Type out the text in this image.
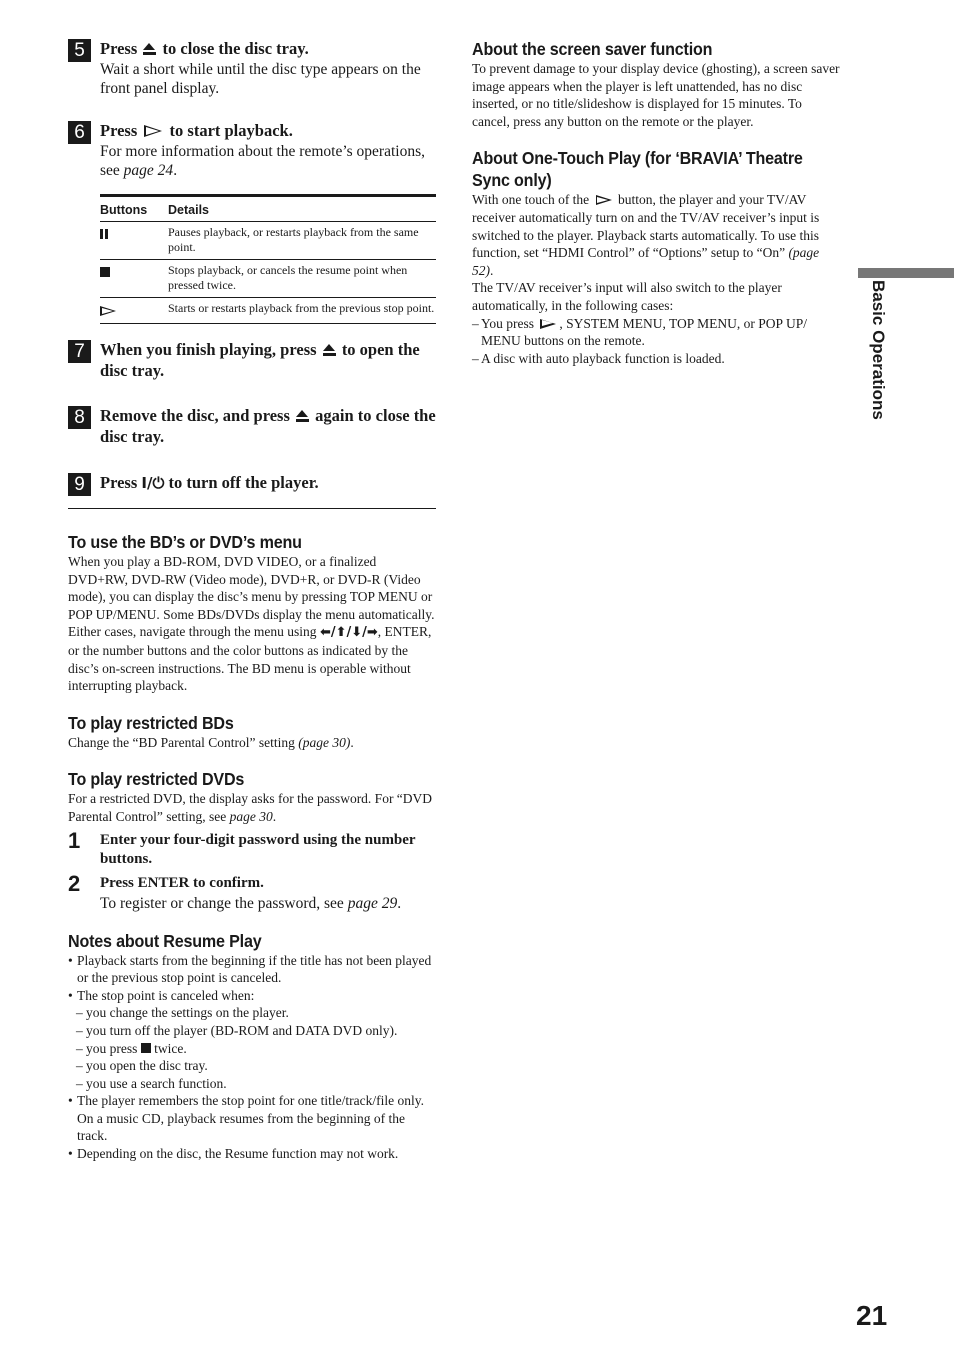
5 Press  to close the disc tray.
Wait a short while until the disc type appears on the front panel display.
6 Press  to start playback.
For more information about the remote’s operations, see page 24.
Buttons	Details
	Pauses playback, or restarts playback from the same point.
	Stops playback, or cancels the resume point when pressed twice.
	Starts or restarts playback from the previous stop point.
7 When you finish playing, press  to open the disc tray.
8 Remove the disc, and press  again to close the disc tray.
9 Press I/⏻ to turn off the player.
To use the BD’s or DVD’s menu

When you play a BD-ROM, DVD VIDEO, or a finalized DVD+RW, DVD-RW (Video mode), DVD+R, or DVD-R (Video mode), you can display the disc’s menu by pressing TOP MENU or POP UP/MENU. Some BDs/DVDs display the menu automatically. Either cases, navigate through the menu using ⬅/⬆/⬇/➡, ENTER, or the number buttons and the color buttons as indicated by the disc’s on-screen instructions. The BD menu is operable without interrupting playback.

To play restricted BDs

Change the “BD Parental Control” setting (page 30).

To play restricted DVDs

For a restricted DVD, the display asks for the password. For “DVD Parental Control” setting, see page 30.

1 Enter your four-digit password using the number buttons.
2 Press ENTER to confirm.
To register or change the password, see page 29.
Notes about Resume Play
• Playback starts from the beginning if the title has not been played or the previous stop point is canceled.
• The stop point is canceled when:
– you change the settings on the player.
– you turn off the player (BD-ROM and DATA DVD only).
– you press  twice.
– you open the disc tray.
– you use a search function.
• The player remembers the stop point for one title/track/file only. On a music CD, playback resumes from the beginning of the track.
• Depending on the disc, the Resume function may not work.
About the screen saver function

To prevent damage to your display device (ghosting), a screen saver image appears when the player is left unattended, has no disc inserted, or no title/slideshow is displayed for 15 minutes. To cancel, press any button on the remote or the player.

About One-Touch Play (for ‘BRAVIA’ Theatre Sync only)

With one touch of the  button, the player and your TV/AV receiver automatically turn on and the TV/AV receiver’s input is switched to the player. Playback starts automatically. To use this function, set “HDMI Control” of “Options” setup to “On” (page 52).

The TV/AV receiver’s input will also switch to the player automatically, in the following cases:

– You press , SYSTEM MENU, TOP MENU, or POP UP/ MENU buttons on the remote.
– A disc with auto playback function is loaded.	Basic Operations
21
